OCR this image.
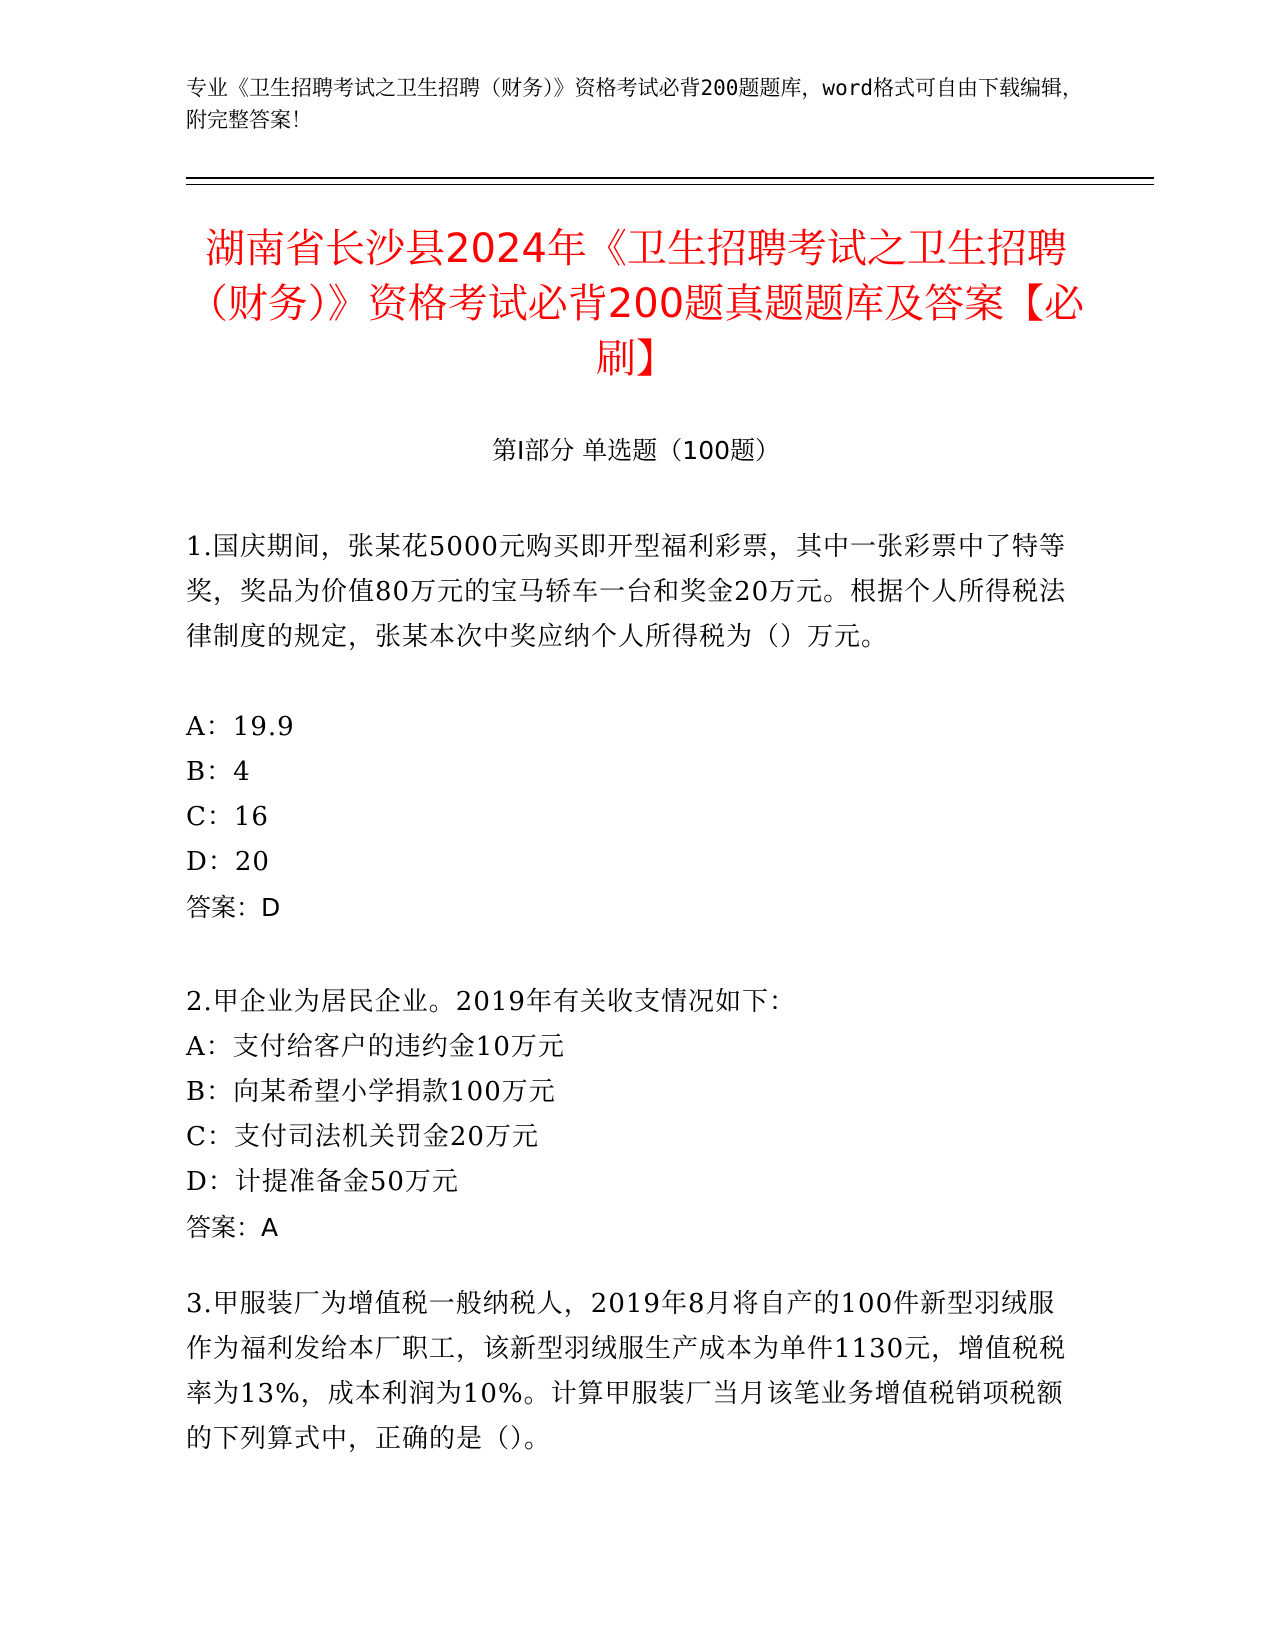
专业《卫生招聘考试之卫生招聘（财务）》资格考试必背200题题库，word格式可自由下载编辑，附完整答案！
湖南省长沙县2024年《卫生招聘考试之卫生招聘（财务）》资格考试必背200题真题题库及答案【必刷】
第Ⅰ部分 单选题（100题）
1.国庆期间，张某花5000元购买即开型福利彩票，其中一张彩票中了特等奖，奖品为价值80万元的宝马轿车一台和奖金20万元。根据个人所得税法律制度的规定，张某本次中奖应纳个人所得税为（）万元。
A：19.9
B：4
C：16
D：20
答案：D
2.甲企业为居民企业。2019年有关收支情况如下：
A：支付给客户的违约金10万元
B：向某希望小学捐款100万元
C：支付司法机关罚金20万元
D：计提准备金50万元
答案：A
3.甲服装厂为增值税一般纳税人，2019年8月将自产的100件新型羽绒服作为福利发给本厂职工，该新型羽绒服生产成本为单件1130元，增值税税率为13%，成本利润为10%。计算甲服装厂当月该笔业务增值税销项税额的下列算式中，正确的是（）。
